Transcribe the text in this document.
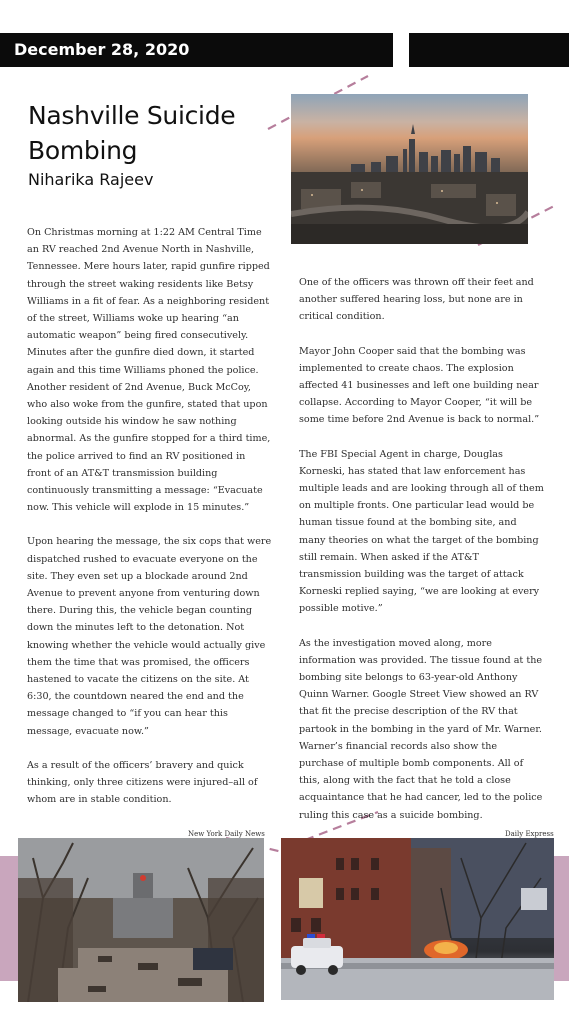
December 28, 2020
Nashville Suicide Bombing
Niharika Rajeev

On Christmas morning at 1:22 AM Central Time an RV reached 2nd Avenue North in Nashville, Tennessee. Mere hours later, rapid gunfire ripped through the street waking residents like Betsy Williams in a fit of fear. As a neighboring resident of the street, Williams woke up hearing “an automatic weapon” being fired consecutively. Minutes after the gunfire died down, it started again and this time Williams phoned the police. Another resident of 2nd Avenue, Buck McCoy, who also woke from the gunfire, stated that upon looking outside his window he saw nothing abnormal. As the gunfire stopped for a third time, the police arrived to find an RV positioned in front of an AT&T transmission building continuously transmitting a message: “Evacuate now. This vehicle will explode in 15 minutes.”

Upon hearing the message, the six cops that were dispatched rushed to evacuate everyone on the site. They even set up a blockade around 2nd Avenue to prevent anyone from venturing down there. During this, the vehicle began counting down the minutes left to the detonation. Not knowing whether the vehicle would actually give them the time that was promised, the officers hastened to vacate the citizens on the site. At 6:30, the countdown neared the end and the message changed to “if you can hear this message, evacuate now.”

As a result of the officers’ bravery and quick thinking, only three citizens were injured–all of whom are in stable condition.

One of the officers was thrown off their feet and another suffered hearing loss, but none are in critical condition.

Mayor John Cooper said that the bombing was implemented to create chaos. The explosion affected 41 businesses and left one building near collapse. According to Mayor Cooper, “it will be some time before 2nd Avenue is back to normal.”

The FBI Special Agent in charge, Douglas Korneski, has stated that law enforcement has multiple leads and are looking through all of them on multiple fronts. One particular lead would be human tissue found at the bombing site, and many theories on what the target of the bombing still remain. When asked if the AT&T transmission building was the target of attack Korneski replied saying, “we are looking at every possible motive.”

As the investigation moved along, more information was provided. The tissue found at the bombing site belongs to 63-year-old Anthony Quinn Warner. Google Street View showed an RV that fit the precise description of the RV that partook in the bombing in the yard of Mr. Warner. Warner’s financial records also show the purchase of multiple bomb components. All of this, along with the fact that he told a close acquaintance that he had cancer, led to the police ruling this case as a suicide bombing.

New York Daily News	Daily Express
